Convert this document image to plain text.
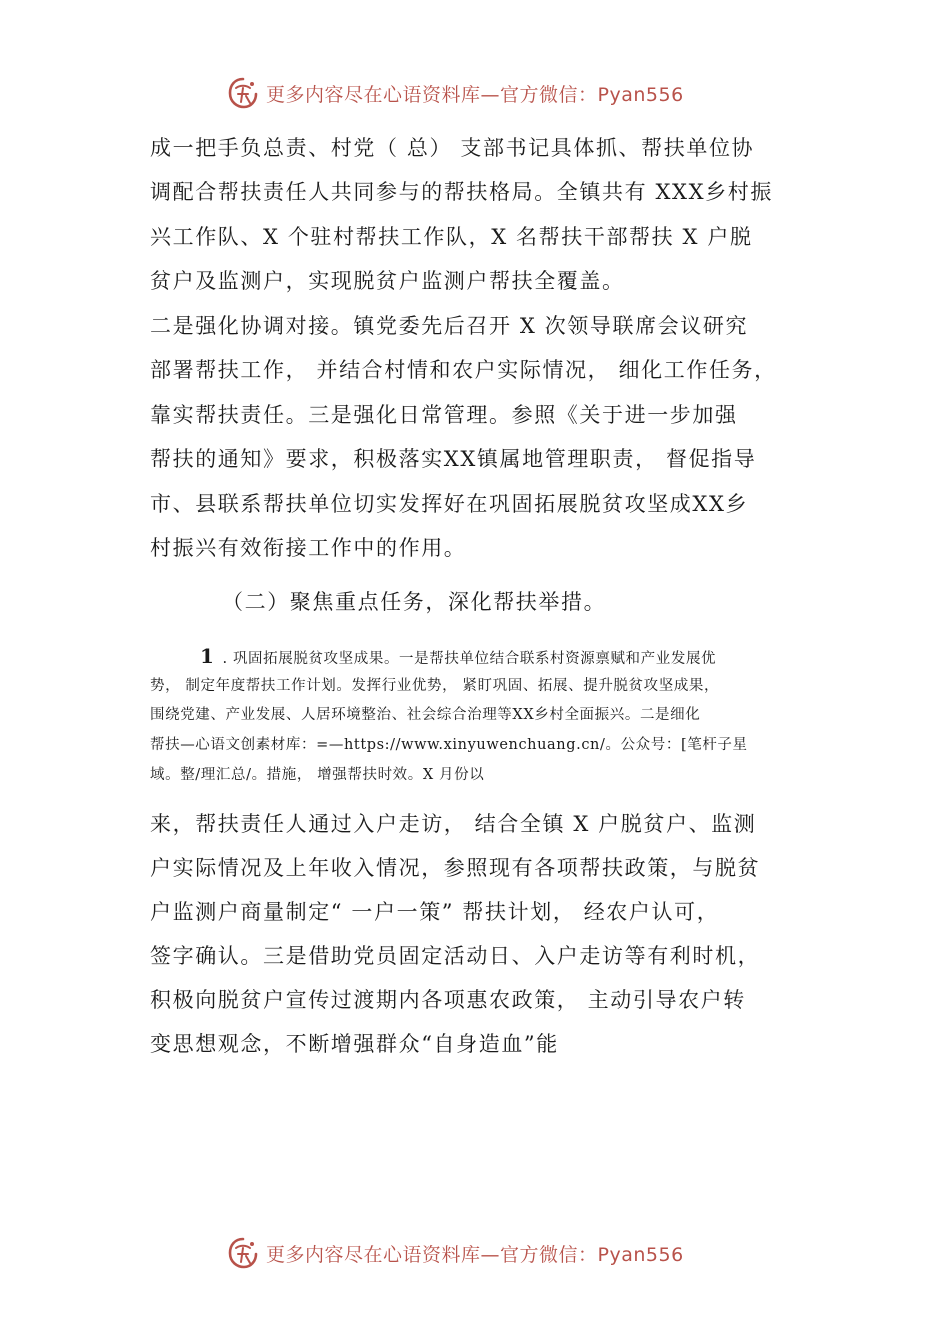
更多内容尽在心语资料库—官方微信：Pyan556
成一把手负总责、村党（ 总） 支部书记具体抓、帮扶单位协
调配合帮扶责任人共同参与的帮扶格局。全镇共有 XXX乡村振
兴工作队、X 个驻村帮扶工作队，X 名帮扶干部帮扶 X 户脱
贫户及监测户，实现脱贫户监测户帮扶全覆盖。
二是强化协调对接。镇党委先后召开 X 次领导联席会议研究
部署帮扶工作， 并结合村情和农户实际情况， 细化工作任务，
靠实帮扶责任。三是强化日常管理。参照《关于进一步加强
帮扶的通知》要求，积极落实XX镇属地管理职责， 督促指导
市、县联系帮扶单位切实发挥好在巩固拓展脱贫攻坚成XX乡
村振兴有效衔接工作中的作用。
（二）聚焦重点任务，深化帮扶举措。
1 . 巩固拓展脱贫攻坚成果。一是帮扶单位结合联系村资源禀赋和产业发展优
势， 制定年度帮扶工作计划。发挥行业优势， 紧盯巩固、拓展、提升脱贫攻坚成果，
围绕党建、产业发展、人居环境整治、社会综合治理等XX乡村全面振兴。二是细化
帮扶—心语文创素材库：=—https://www.xinyuwenchuang.cn/。公众号：[笔杆子星
域。整/理汇总/。措施， 增强帮扶时效。X 月份以
来，帮扶责任人通过入户走访， 结合全镇 X 户脱贫户、监测
户实际情况及上年收入情况，参照现有各项帮扶政策，与脱贫
户监测户商量制定“ 一户一策” 帮扶计划， 经农户认可，
签字确认。三是借助党员固定活动日、入户走访等有利时机，
积极向脱贫户宣传过渡期内各项惠农政策， 主动引导农户转
变思想观念，不断增强群众“自身造血”能
更多内容尽在心语资料库—官方微信：Pyan556
